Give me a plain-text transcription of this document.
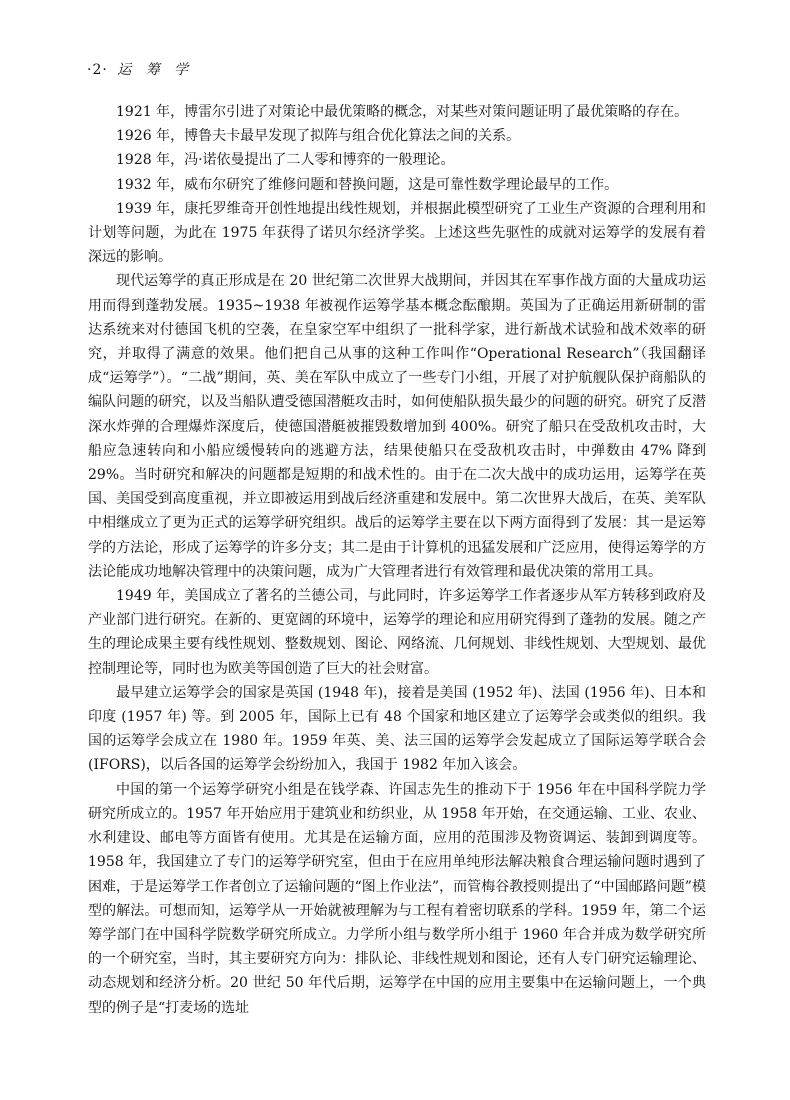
·2· 运 筹 学

1921 年，博雷尔引进了对策论中最优策略的概念，对某些对策问题证明了最优策略的存在。

1926 年，博鲁夫卡最早发现了拟阵与组合优化算法之间的关系。

1928 年，冯·诺依曼提出了二人零和博弈的一般理论。

1932 年，威布尔研究了维修问题和替换问题，这是可靠性数学理论最早的工作。

1939 年，康托罗维奇开创性地提出线性规划，并根据此模型研究了工业生产资源的合理利用和计划等问题，为此在 1975 年获得了诺贝尔经济学奖。上述这些先驱性的成就对运筹学的发展有着深远的影响。

现代运筹学的真正形成是在 20 世纪第二次世界大战期间，并因其在军事作战方面的大量成功运用而得到蓬勃发展。1935~1938 年被视作运筹学基本概念酝酿期。英国为了正确运用新研制的雷达系统来对付德国飞机的空袭，在皇家空军中组织了一批科学家，进行新战术试验和战术效率的研究，并取得了满意的效果。他们把自己从事的这种工作叫作“Operational Research”（我国翻译成“运筹学”）。“二战”期间，英、美在军队中成立了一些专门小组，开展了对护航舰队保护商船队的编队问题的研究，以及当船队遭受德国潜艇攻击时，如何使船队损失最少的问题的研究。研究了反潜深水炸弹的合理爆炸深度后，使德国潜艇被摧毁数增加到 400%。研究了船只在受敌机攻击时，大船应急速转向和小船应缓慢转向的逃避方法，结果使船只在受敌机攻击时，中弹数由 47% 降到 29%。当时研究和解决的问题都是短期的和战术性的。由于在二次大战中的成功运用，运筹学在英国、美国受到高度重视，并立即被运用到战后经济重建和发展中。第二次世界大战后，在英、美军队中相继成立了更为正式的运筹学研究组织。战后的运筹学主要在以下两方面得到了发展：其一是运筹学的方法论，形成了运筹学的许多分支；其二是由于计算机的迅猛发展和广泛应用，使得运筹学的方法论能成功地解决管理中的决策问题，成为广大管理者进行有效管理和最优决策的常用工具。

1949 年，美国成立了著名的兰德公司，与此同时，许多运筹学工作者逐步从军方转移到政府及产业部门进行研究。在新的、更宽阔的环境中，运筹学的理论和应用研究得到了蓬勃的发展。随之产生的理论成果主要有线性规划、整数规划、图论、网络流、几何规划、非线性规划、大型规划、最优控制理论等，同时也为欧美等国创造了巨大的社会财富。

最早建立运筹学会的国家是英国 (1948 年)，接着是美国 (1952 年)、法国 (1956 年)、日本和印度 (1957 年) 等。到 2005 年，国际上已有 48 个国家和地区建立了运筹学会或类似的组织。我国的运筹学会成立在 1980 年。1959 年英、美、法三国的运筹学会发起成立了国际运筹学联合会 (IFORS)，以后各国的运筹学会纷纷加入，我国于 1982 年加入该会。

中国的第一个运筹学研究小组是在钱学森、许国志先生的推动下于 1956 年在中国科学院力学研究所成立的。1957 年开始应用于建筑业和纺织业，从 1958 年开始，在交通运输、工业、农业、水利建设、邮电等方面皆有使用。尤其是在运输方面，应用的范围涉及物资调运、装卸到调度等。1958 年，我国建立了专门的运筹学研究室，但由于在应用单纯形法解决粮食合理运输问题时遇到了困难，于是运筹学工作者创立了运输问题的“图上作业法”，而管梅谷教授则提出了“中国邮路问题”模型的解法。可想而知，运筹学从一开始就被理解为与工程有着密切联系的学科。1959 年，第二个运筹学部门在中国科学院数学研究所成立。力学所小组与数学所小组于 1960 年合并成为数学研究所的一个研究室，当时，其主要研究方向为：排队论、非线性规划和图论，还有人专门研究运输理论、动态规划和经济分析。20 世纪 50 年代后期，运筹学在中国的应用主要集中在运输问题上，一个典型的例子是“打麦场的选址
